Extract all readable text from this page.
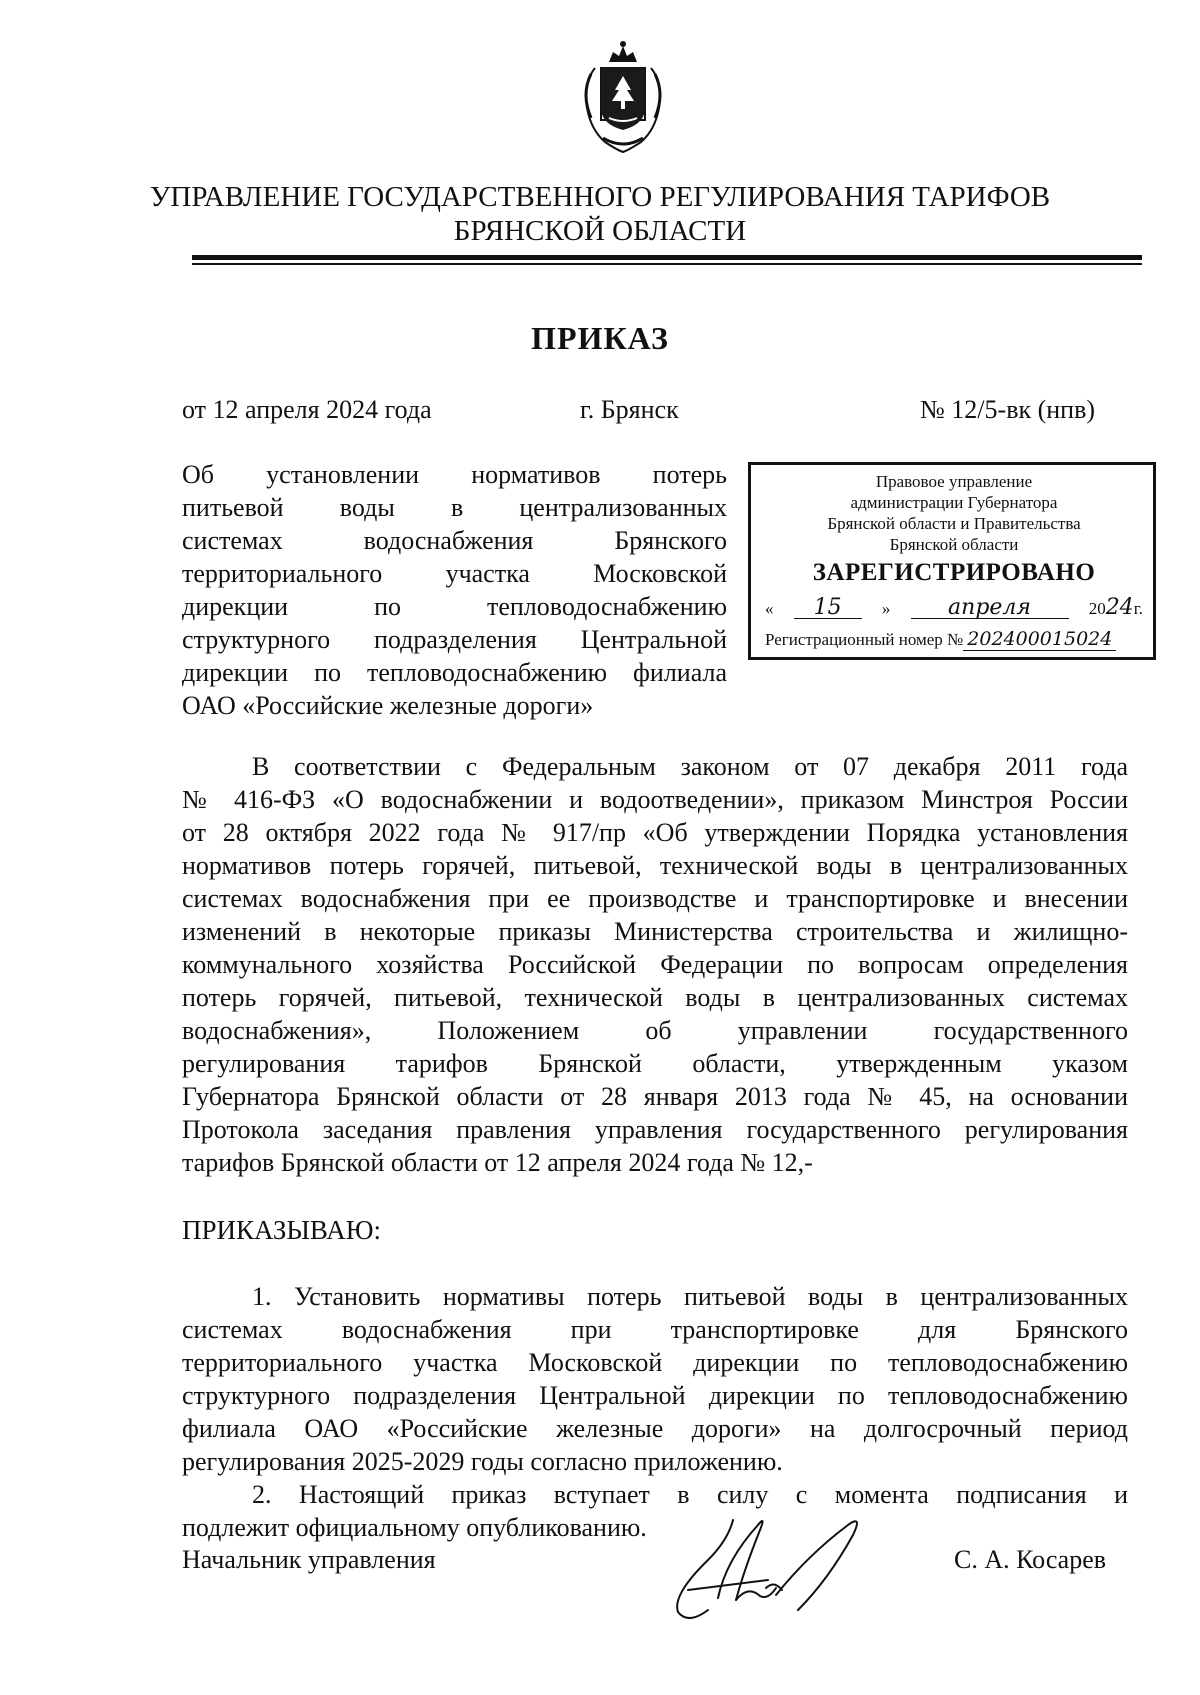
УПРАВЛЕНИЕ ГОСУДАРСТВЕННОГО РЕГУЛИРОВАНИЯ ТАРИФОВ
БРЯНСКОЙ ОБЛАСТИ
ПРИКАЗ
от 12 апреля 2024 года	г. Брянск	№ 12/5-вк (нпв)
Об установлении нормативов потерь
питьевой воды в централизованных
системах водоснабжения Брянского
территориального участка Московской
дирекции по тепловодоснабжению
структурного подразделения Центральной
дирекции по тепловодоснабжению филиала
ОАО «Российские железные дороги»
Правовое управление
администрации Губернатора
Брянской области и Правительства
Брянской области
ЗАРЕГИСТРИРОВАНО
«	15	»	апреля	2024г.
Регистрационный номер № 202400015024
В соответствии с Федеральным законом от 07 декабря 2011 года
№ 416-ФЗ «О водоснабжении и водоотведении», приказом Минстроя России
от 28 октября 2022 года № 917/пр «Об утверждении Порядка установления
нормативов потерь горячей, питьевой, технической воды в централизованных
системах водоснабжения при ее производстве и транспортировке и внесении
изменений в некоторые приказы Министерства строительства и жилищно-
коммунального хозяйства Российской Федерации по вопросам определения
потерь горячей, питьевой, технической воды в централизованных системах
водоснабжения», Положением об управлении государственного
регулирования тарифов Брянской области, утвержденным указом
Губернатора Брянской области от 28 января 2013 года № 45, на основании
Протокола заседания правления управления государственного регулирования
тарифов Брянской области от 12 апреля 2024 года № 12,-
ПРИКАЗЫВАЮ:
1. Установить нормативы потерь питьевой воды в централизованных
системах водоснабжения при транспортировке для Брянского
территориального участка Московской дирекции по тепловодоснабжению
структурного подразделения Центральной дирекции по тепловодоснабжению
филиала ОАО «Российские железные дороги» на долгосрочный период
регулирования 2025-2029 годы согласно приложению.
2. Настоящий приказ вступает в силу с момента подписания и
подлежит официальному опубликованию.
Начальник управления	С. А. Косарев
